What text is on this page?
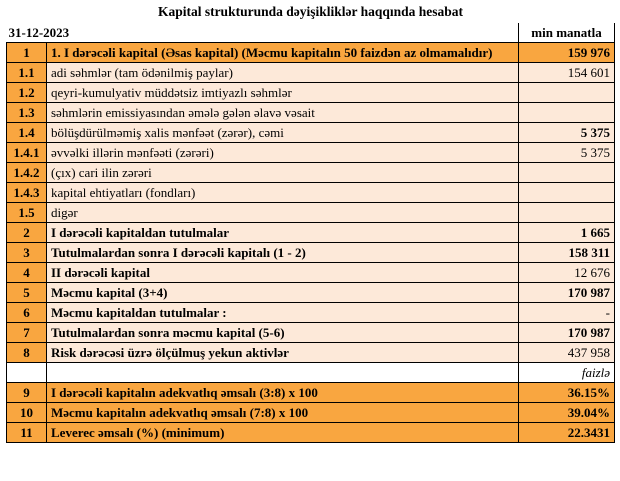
Kapital strukturunda dəyişikliklər haqqında hesabat
31-12-2023		min manatla
1	1. I dərəcəli kapital (Əsas kapital) (Məcmu kapitalın 50 faizdən az olmamalıdır)	159 976
1.1	adi səhmlər (tam ödənilmiş paylar)	154 601
1.2	qeyri-kumulyativ müddətsiz imtiyazlı səhmlər	
1.3	səhmlərin emissiyasından əmələ gələn əlavə vəsait	
1.4	bölüşdürülməmiş xalis mənfəət (zərər), cəmi	5 375
1.4.1	əvvəlki illərin mənfəəti (zərəri)	5 375
1.4.2	(çıx) cari ilin zərəri	
1.4.3	kapital ehtiyatları (fondları)	
1.5	digər	
2	I dərəcəli kapitaldan tutulmalar	1 665
3	Tutulmalardan sonra I dərəcəli kapitalı (1 - 2)	158 311
4	II dərəcəli kapital	12 676
5	Məcmu kapital (3+4)	170 987
6	Məcmu kapitaldan tutulmalar :	-
7	Tutulmalardan sonra məcmu kapital (5-6)	170 987
8	Risk dərəcəsi üzrə ölçülmuş yekun aktivlər	437 958
		faizlə
9	I dərəcəli kapitalın adekvatlıq əmsalı (3:8) x 100	36.15%
10	Məcmu kapitalın adekvatlıq əmsalı (7:8) x 100	39.04%
11	Leverec əmsalı (%) (minimum)	22.3431
